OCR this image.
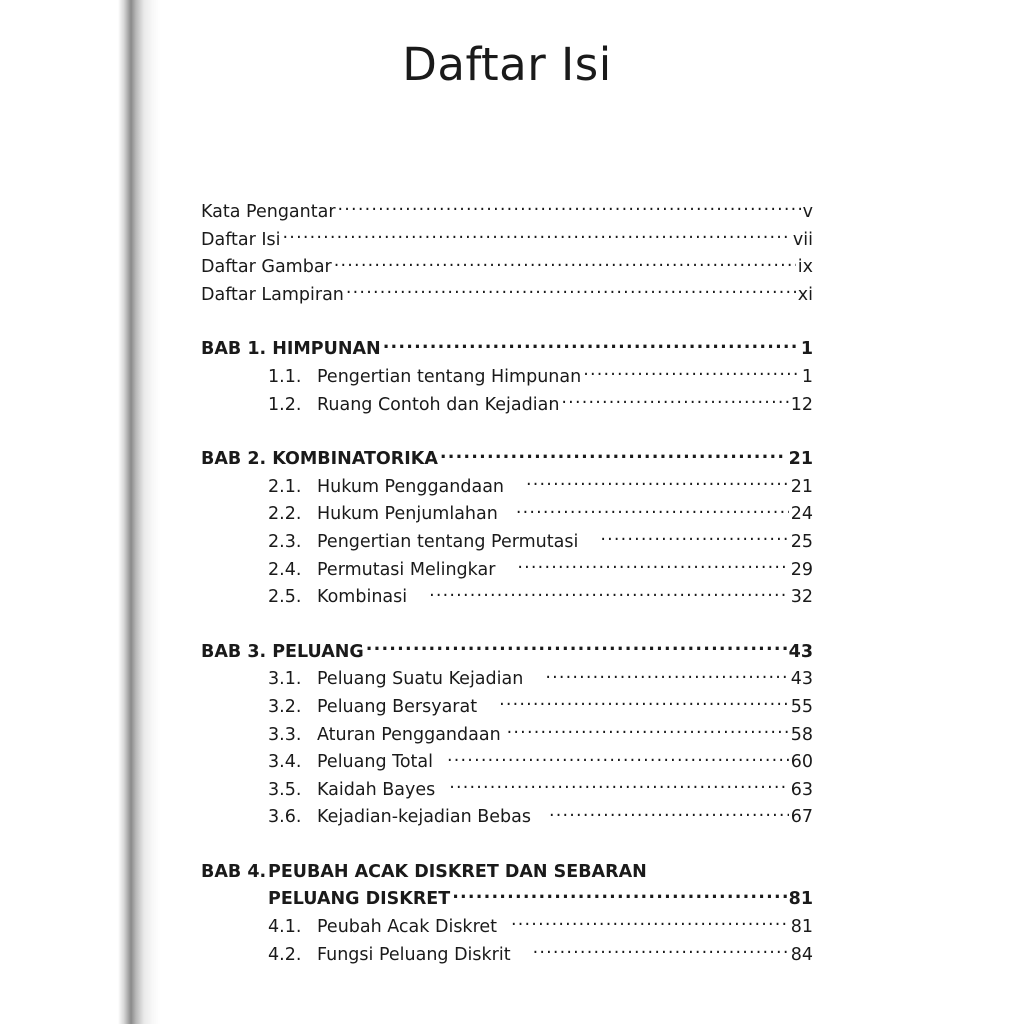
Daftar Isi
Kata Pengantar .....	v
Daftar Isi .....	vii
Daftar Gambar .....	ix
Daftar Lampiran .....	xi
BAB 1. HIMPUNAN .....	1
1.1. Pengertian tentang Himpunan .....	1
1.2. Ruang Contoh dan Kejadian .....	12
BAB 2. KOMBINATORIKA .....	21
2.1. Hukum Penggandaan .....	21
2.2. Hukum Penjumlahan .....	24
2.3. Pengertian tentang Permutasi .....	25
2.4. Permutasi Melingkar .....	29
2.5. Kombinasi .....	32
BAB 3. PELUANG .....	43
3.1. Peluang Suatu Kejadian .....	43
3.2. Peluang Bersyarat .....	55
3.3. Aturan Penggandaan .....	58
3.4. Peluang Total .....	60
3.5. Kaidah Bayes .....	63
3.6. Kejadian-kejadian Bebas .....	67
BAB 4. PEUBAH ACAK DISKRET DAN SEBARAN
PELUANG DISKRET .....	81
4.1. Peubah Acak Diskret .....	81
4.2. Fungsi Peluang Diskrit .....	84
